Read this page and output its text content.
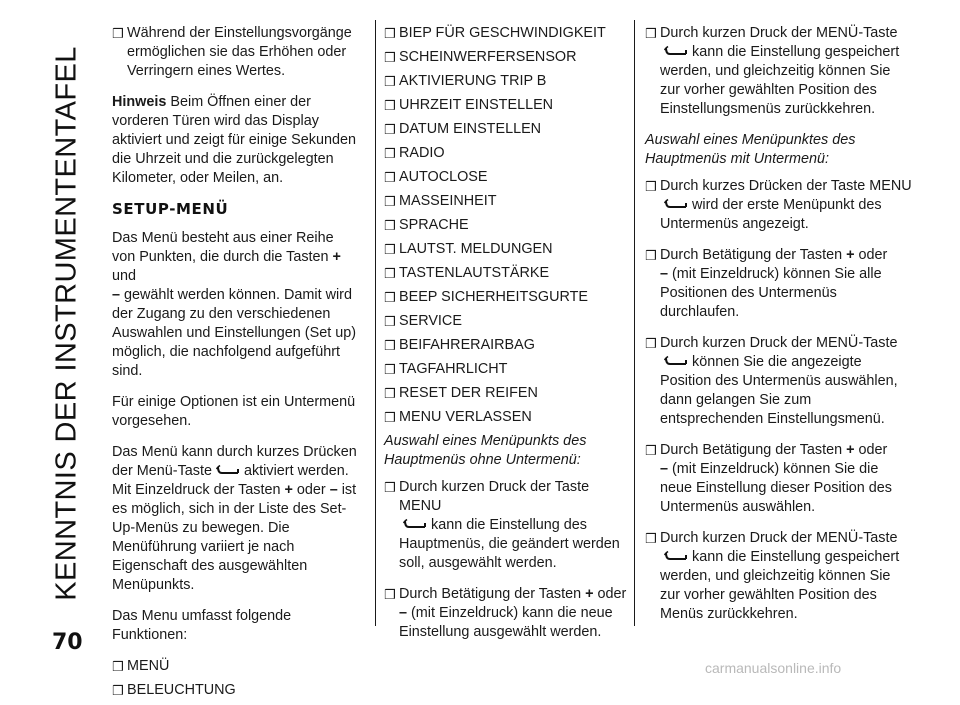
KENNTNIS DER INSTRUMENTENTAFEL
70
carmanualsonline.info
❒ Während der Einstellungsvorgänge ermöglichen sie das Erhöhen oder Verringern eines Wertes.

Hinweis Beim Öffnen einer der vorderen Türen wird das Display aktiviert und zeigt für einige Sekunden die Uhrzeit und die zurückgelegten Kilometer, oder Meilen, an.

SETUP-MENÜ

Das Menü besteht aus einer Reihe von Punkten, die durch die Tasten + und
– gewählt werden können. Damit wird der Zugang zu den verschiedenen Auswahlen und Einstellungen (Set up) möglich, die nachfolgend aufgeführt sind.

Für einige Optionen ist ein Untermenü vorgesehen.

Das Menü kann durch kurzes Drücken der Menü-Taste aktiviert werden. Mit Einzeldruck der Tasten + oder – ist es möglich, sich in der Liste des Set-Up-Menüs zu bewegen. Die Menüführung variiert je nach Eigenschaft des ausgewählten Menüpunkts.

Das Menu umfasst folgende Funktionen:

❒ MENÜ
❒ BELEUCHTUNG
❒ BIEP FÜR GESCHWINDIGKEIT
❒ SCHEINWERFERSENSOR
❒ AKTIVIERUNG TRIP B
❒ UHRZEIT EINSTELLEN
❒ DATUM EINSTELLEN
❒ RADIO
❒ AUTOCLOSE
❒ MASSEINHEIT
❒ SPRACHE
❒ LAUTST. MELDUNGEN
❒ TASTENLAUTSTÄRKE
❒ BEEP SICHERHEITSGURTE
❒ SERVICE
❒ BEIFAHRERAIRBAG
❒ TAGFAHRLICHT
❒ RESET DER REIFEN
❒ MENU VERLASSEN

Auswahl eines Menüpunkts des Hauptmenüs ohne Untermenü:

❒ Durch kurzen Druck der Taste MENU

kann die Einstellung des Hauptmenüs, die geändert werden soll, ausgewählt werden.
❒ Durch Betätigung der Tasten + oder
– (mit Einzeldruck) kann die neue Einstellung ausgewählt werden.
❒ Durch kurzen Druck der MENÜ-Taste

kann die Einstellung gespeichert werden, und gleichzeitig können Sie zur vorher gewählten Position des Einstellungsmenüs zurückkehren.

Auswahl eines Menüpunktes des Hauptmenüs mit Untermenü:

❒ Durch kurzes Drücken der Taste MENU
wird der erste Menüpunkt des Untermenüs angezeigt.
❒ Durch Betätigung der Tasten + oder
– (mit Einzeldruck) können Sie alle Positionen des Untermenüs durchlaufen.
❒ Durch kurzen Druck der MENÜ-Taste

können Sie die angezeigte Position des Untermenüs auswählen, dann gelangen Sie zum entsprechenden Einstellungsmenü.
❒ Durch Betätigung der Tasten + oder
– (mit Einzeldruck) können Sie die neue Einstellung dieser Position des Untermenüs auswählen.
❒ Durch kurzen Druck der MENÜ-Taste

kann die Einstellung gespeichert werden, und gleichzeitig können Sie zur vorher gewählten Position des Menüs zurückkehren.
